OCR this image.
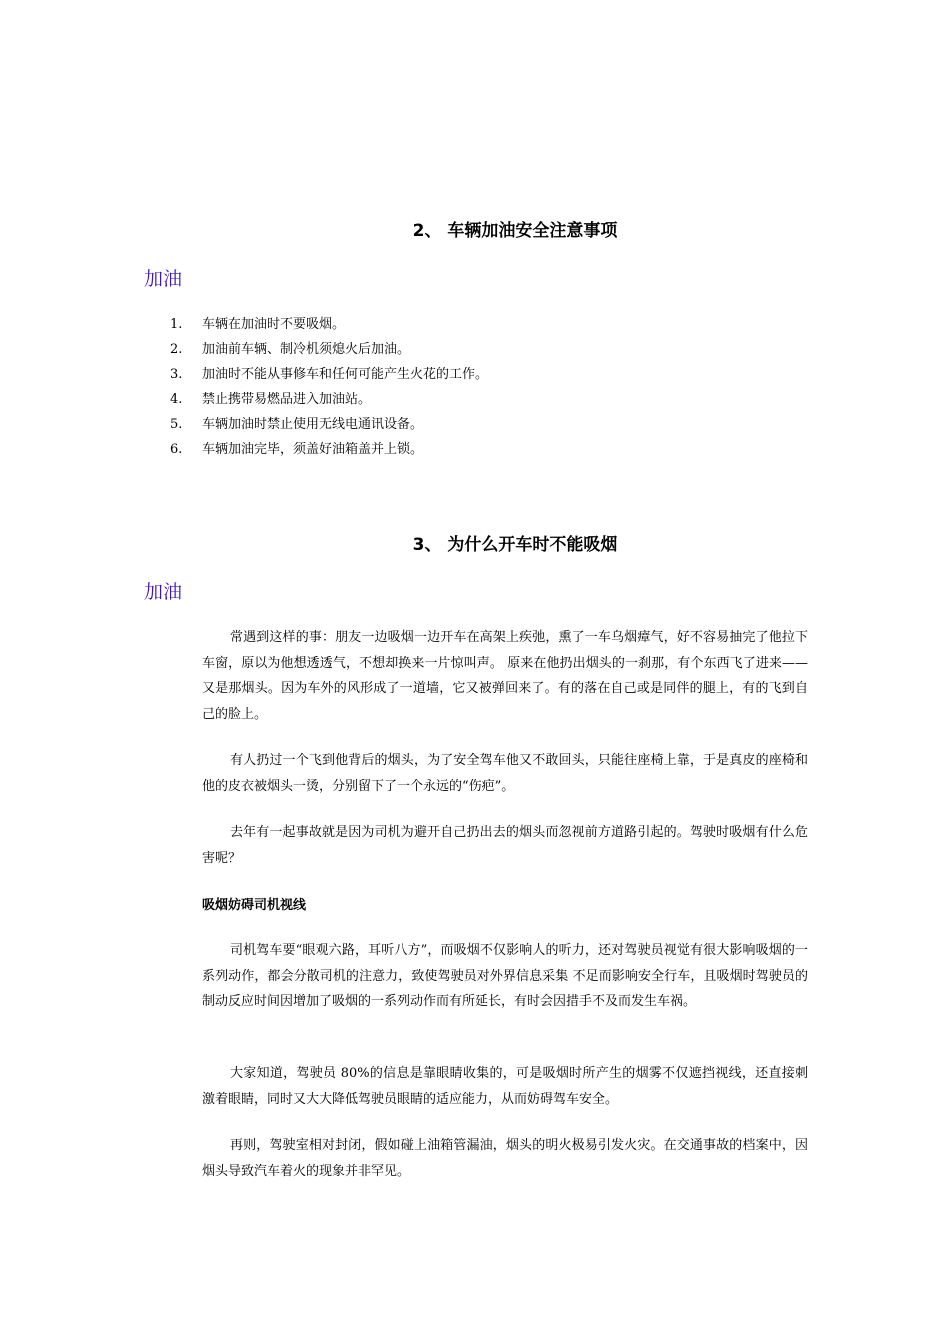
2、 车辆加油安全注意事项
加油
1. 车辆在加油时不要吸烟。
2. 加油前车辆、制冷机须熄火后加油。
3. 加油时不能从事修车和任何可能产生火花的工作。
4. 禁止携带易燃品进入加油站。
5. 车辆加油时禁止使用无线电通讯设备。
6. 车辆加油完毕，须盖好油箱盖并上锁。
3、 为什么开车时不能吸烟
加油

常遇到这样的事：朋友一边吸烟一边开车在高架上疾弛，熏了一车乌烟瘴气，好不容易抽完了他拉下车窗，原以为他想透透气，不想却换来一片惊叫声。 原来在他扔出烟头的一刹那，有个东西飞了进来——又是那烟头。因为车外的风形成了一道墙，它又被弹回来了。有的落在自己或是同伴的腿上，有的飞到自己的脸上。

有人扔过一个飞到他背后的烟头，为了安全驾车他又不敢回头，只能往座椅上靠，于是真皮的座椅和他的皮衣被烟头一烫，分别留下了一个永远的“伤疤”。

去年有一起事故就是因为司机为避开自己扔出去的烟头而忽视前方道路引起的。驾驶时吸烟有什么危害呢？

吸烟妨碍司机视线

司机驾车要“眼观六路，耳听八方”，而吸烟不仅影响人的听力，还对驾驶员视觉有很大影响吸烟的一系列动作，都会分散司机的注意力，致使驾驶员对外界信息采集 不足而影响安全行车，且吸烟时驾驶员的制动反应时间因增加了吸烟的一系列动作而有所延长，有时会因措手不及而发生车祸。

大家知道，驾驶员 80%的信息是靠眼睛收集的，可是吸烟时所产生的烟雾不仅遮挡视线，还直接刺激着眼睛，同时又大大降低驾驶员眼睛的适应能力，从而妨碍驾车安全。

再则，驾驶室相对封闭，假如碰上油箱管漏油，烟头的明火极易引发火灾。在交通事故的档案中，因烟头导致汽车着火的现象并非罕见。
